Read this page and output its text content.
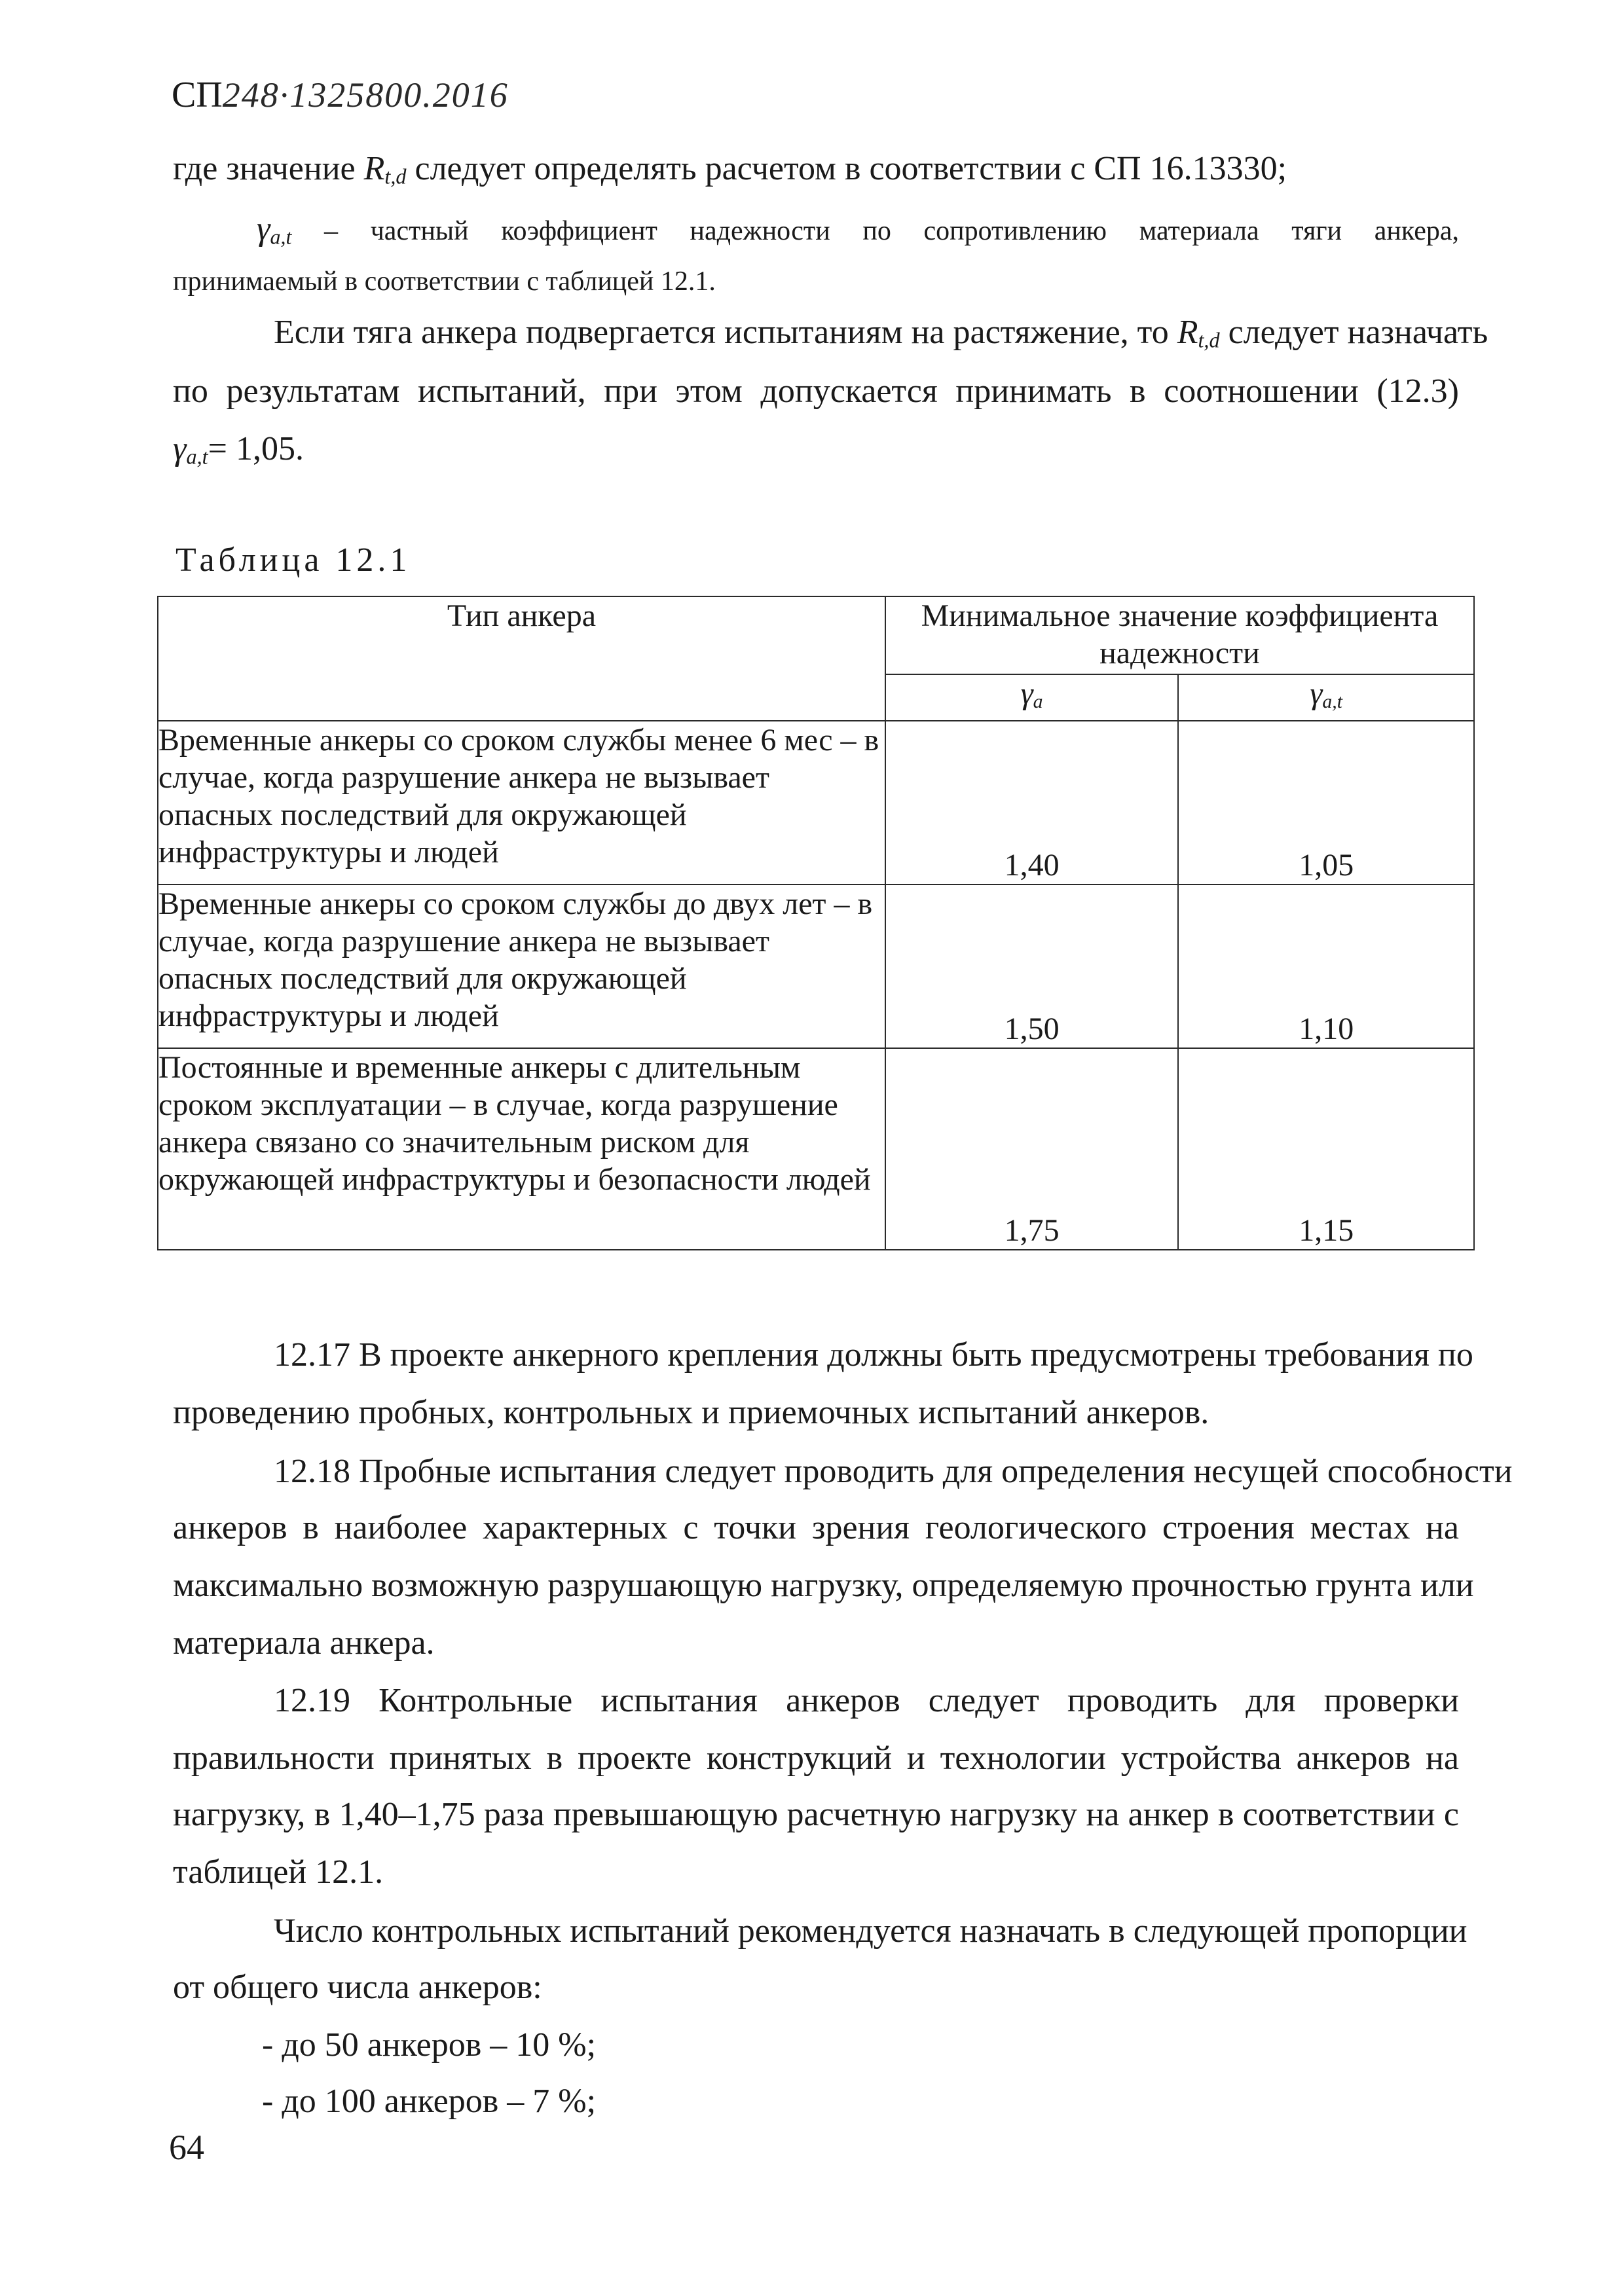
СП248·1325800.2016
где значение $R_{t,d}$ следует определять расчетом в соответствии с СП 16.13330;
$\gamma_{a,t}$ – частный коэффициент надежности по сопротивлению материала тяги анкера,
принимаемый в соответствии с таблицей 12.1.
Если тяга анкера подвергается испытаниям на растяжение, то $R_{t,d}$ следует назначать
по результатам испытаний, при этом допускается принимать в соотношении (12.3)
$\gamma_{a,t}= 1,05$.
Таблица 12.1
Тип анкера	Минимальное значение коэффициента надежности	
	$\gamma_a$	$\gamma_{a,t}$
Временные анкеры со сроком службы менее 6 мес – в случае, когда разрушение анкера не вызывает опасных последствий для окружающей инфраструктуры и людей	1,40	1,05
Временные анкеры со сроком службы до двух лет – в случае, когда разрушение анкера не вызывает опасных последствий для окружающей инфраструктуры и людей	1,50	1,10
Постоянные и временные анкеры с длительным сроком эксплуатации – в случае, когда разрушение анкера связано со значительным риском для окружающей инфраструктуры и безопасности людей	1,75	1,15
12.17 В проекте анкерного крепления должны быть предусмотрены требования по
проведению пробных, контрольных и приемочных испытаний анкеров.
12.18 Пробные испытания следует проводить для определения несущей способности
анкеров в наиболее характерных с точки зрения геологического строения местах на
максимально возможную разрушающую нагрузку, определяемую прочностью грунта или
материала анкера.
12.19 Контрольные испытания анкеров следует проводить для проверки
правильности принятых в проекте конструкций и технологии устройства анкеров на
нагрузку, в 1,40–1,75 раза превышающую расчетную нагрузку на анкер в соответствии с
таблицей 12.1.
Число контрольных испытаний рекомендуется назначать в следующей пропорции
от общего числа анкеров:
- до 50 анкеров – 10 %;
- до 100 анкеров – 7 %;
64
